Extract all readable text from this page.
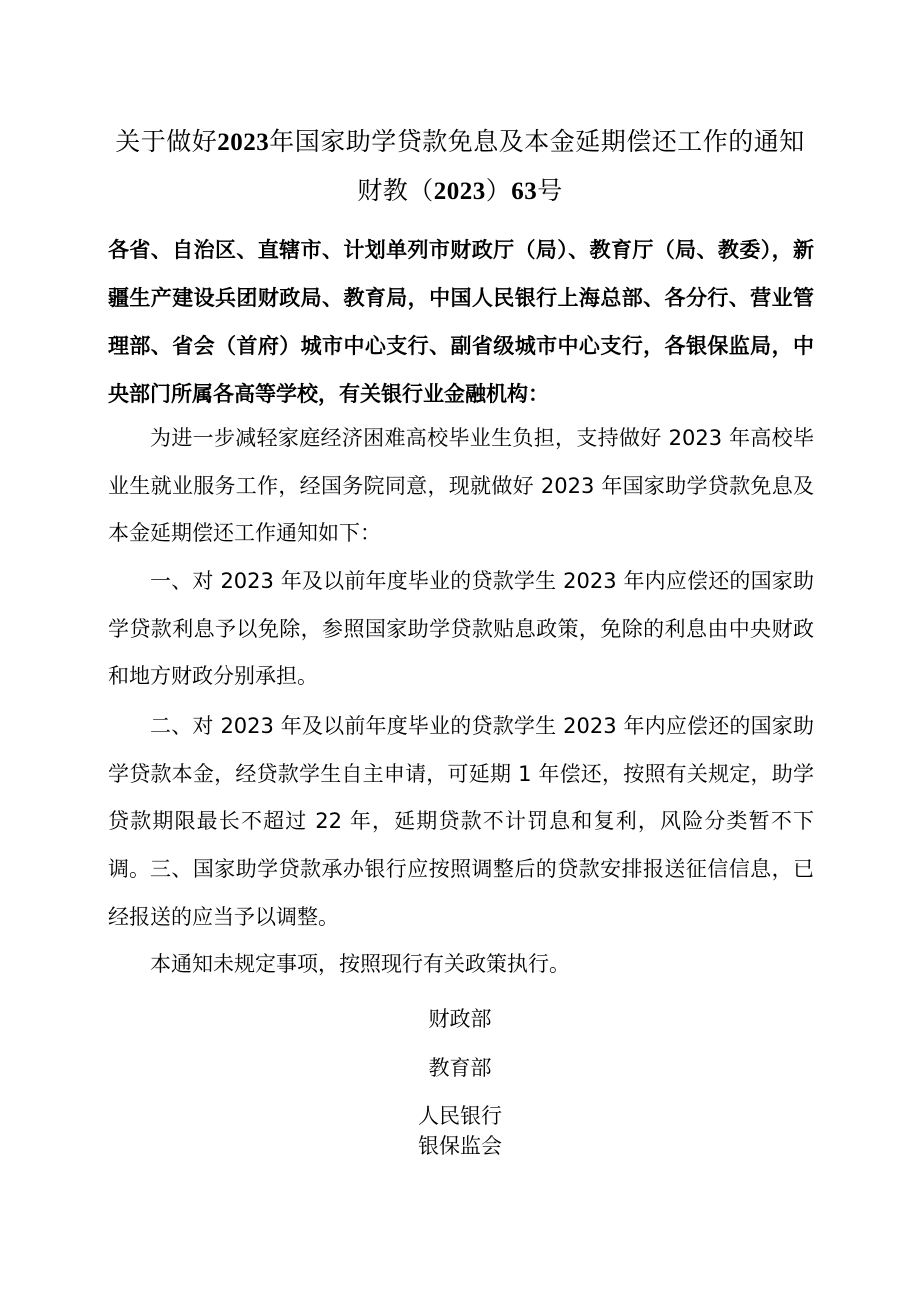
关于做好2023年国家助学贷款免息及本金延期偿还工作的通知
财教（2023）63号
各省、自治区、直辖市、计划单列市财政厅（局）、教育厅（局、教委），新疆生产建设兵团财政局、教育局，中国人民银行上海总部、各分行、营业管理部、省会（首府）城市中心支行、副省级城市中心支行，各银保监局，中央部门所属各高等学校，有关银行业金融机构：

为进一步减轻家庭经济困难高校毕业生负担，支持做好 2023 年高校毕业生就业服务工作，经国务院同意，现就做好 2023 年国家助学贷款免息及本金延期偿还工作通知如下：

一、对 2023 年及以前年度毕业的贷款学生 2023 年内应偿还的国家助学贷款利息予以免除，参照国家助学贷款贴息政策，免除的利息由中央财政和地方财政分别承担。

二、对 2023 年及以前年度毕业的贷款学生 2023 年内应偿还的国家助学贷款本金，经贷款学生自主申请，可延期 1 年偿还，按照有关规定，助学贷款期限最长不超过 22 年，延期贷款不计罚息和复利，风险分类暂不下调。 三、国家助学贷款承办银行应按照调整后的贷款安排报送征信信息，已经报送的应当予以调整。

本通知未规定事项，按照现行有关政策执行。

财政部
教育部
人民银行
银保监会
